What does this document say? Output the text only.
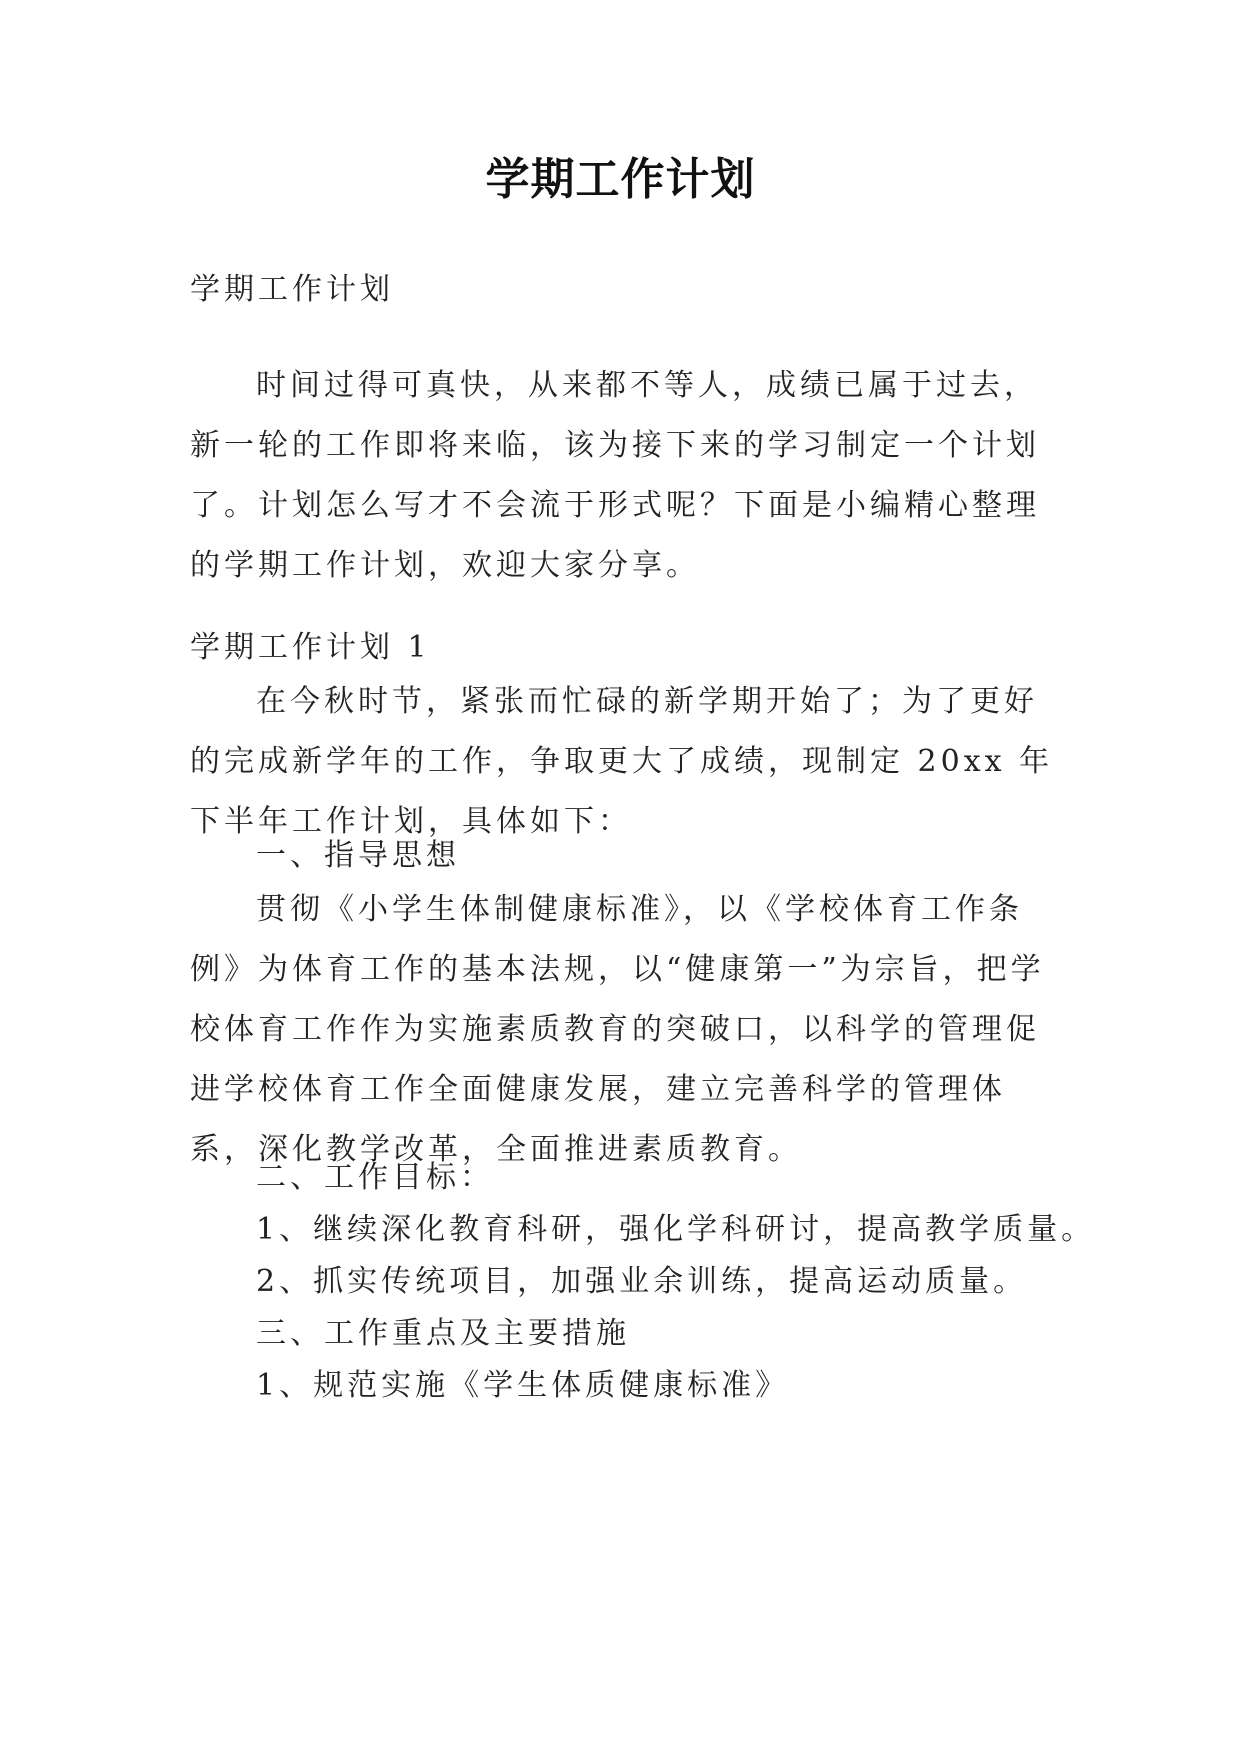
学期工作计划

学期工作计划

时间过得可真快，从来都不等人，成绩已属于过去，新一轮的工作即将来临，该为接下来的学习制定一个计划了。计划怎么写才不会流于形式呢？下面是小编精心整理的学期工作计划，欢迎大家分享。

学期工作计划 1

在今秋时节，紧张而忙碌的新学期开始了；为了更好的完成新学年的工作，争取更大了成绩，现制定 20xx 年下半年工作计划，具体如下：

一、指导思想

贯彻《小学生体制健康标准》，以《学校体育工作条例》为体育工作的基本法规，以“健康第一”为宗旨，把学校体育工作作为实施素质教育的突破口，以科学的管理促进学校体育工作全面健康发展，建立完善科学的管理体系，深化教学改革，全面推进素质教育。

二、工作目标：

1、继续深化教育科研，强化学科研讨，提高教学质量。

2、抓实传统项目，加强业余训练，提高运动质量。

三、工作重点及主要措施

1、规范实施《学生体质健康标准》
